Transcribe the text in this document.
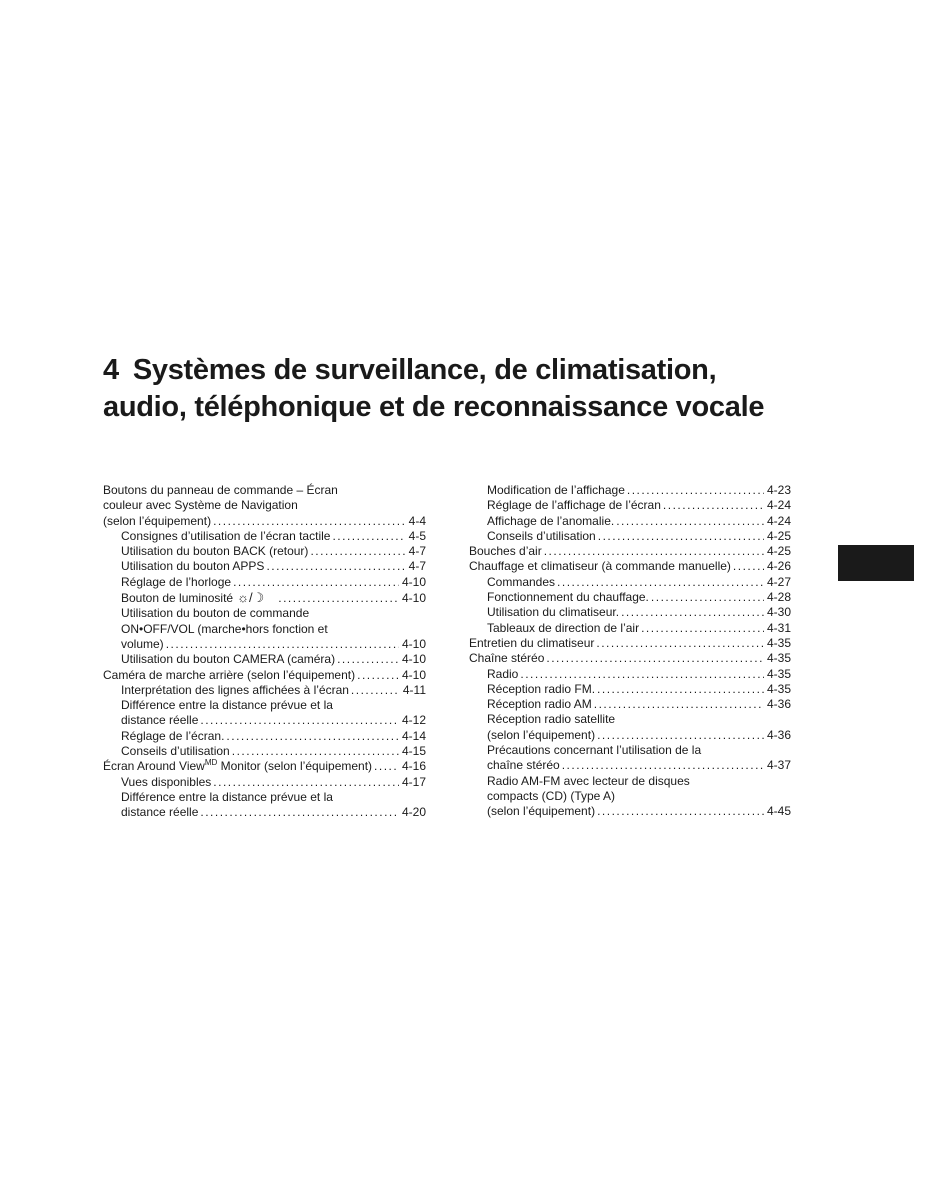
4 Systèmes de surveillance, de climatisation,
audio, téléphonique et de reconnaissance vocale
Boutons du panneau de commande – Écran
couleur avec Système de Navigation
(selon l’équipement) .....	4-4
Consignes d’utilisation de l’écran tactile .....	4-5
Utilisation du bouton BACK (retour) .....	4-7
Utilisation du bouton APPS .....	4-7
Réglage de l’horloge .....	4-10
Bouton de luminosité ☼/☽ .....	4-10
Utilisation du bouton de commande
ON•OFF/VOL (marche•hors fonction et
volume) .....	4-10
Utilisation du bouton CAMERA (caméra) .....	4-10
Caméra de marche arrière (selon l’équipement) .....	4-10
Interprétation des lignes affichées à l’écran .....	4-11
Différence entre la distance prévue et la
distance réelle .....	4-12
Réglage de l’écran. .....	4-14
Conseils d’utilisation .....	4-15
Écran Around View$^{MD}$ Monitor (selon l’équipement) ..... 4-16
Vues disponibles .....	4-17
Différence entre la distance prévue et la
distance réelle .....	4-20
Modification de l’affichage .....	4-23
Réglage de l’affichage de l’écran .....	4-24
Affichage de l’anomalie. .....	4-24
Conseils d’utilisation .....	4-25
Bouches d’air .....	4-25
Chauffage et climatiseur (à commande manuelle) .....	4-26
Commandes .....	4-27
Fonctionnement du chauffage. .....	4-28
Utilisation du climatiseur. .....	4-30
Tableaux de direction de l’air .....	4-31
Entretien du climatiseur .....	4-35
Chaîne stéréo .....	4-35
Radio .....	4-35
Réception radio FM. .....	4-35
Réception radio AM .....	4-36
Réception radio satellite
(selon l’équipement) .....	4-36
Précautions concernant l’utilisation de la
chaîne stéréo .....	4-37
Radio AM-FM avec lecteur de disques
compacts (CD) (Type A)
(selon l’équipement) .....	4-45
